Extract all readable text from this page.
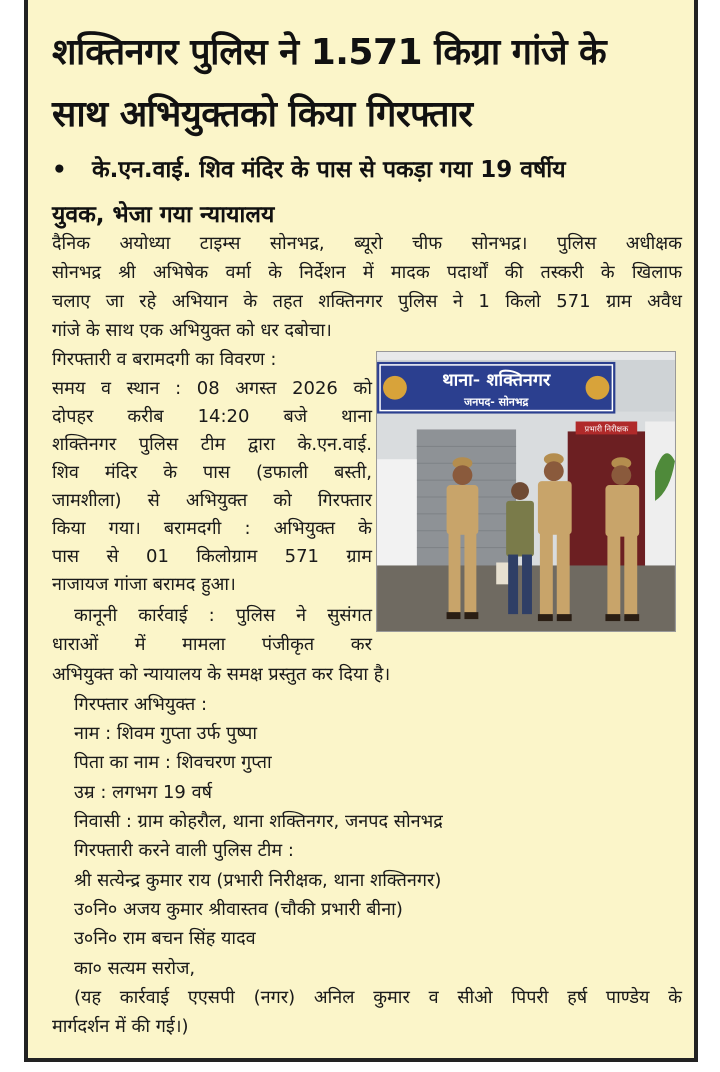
शक्तिनगर पुलिस ने 1.571 किग्रा गांजे के
साथ अभियुक्तको किया गिरफ्तार
• के.एन.वाई. शिव मंदिर के पास से पकड़ा गया 19 वर्षीय
युवक, भेजा गया न्यायालय
दैनिक अयोध्या टाइम्स सोनभद्र, ब्यूरो चीफ सोनभद्र। पुलिस अधीक्षक
सोनभद्र श्री अभिषेक वर्मा के निर्देशन में मादक पदार्थों की तस्करी के खिलाफ
चलाए जा रहे अभियान के तहत शक्तिनगर पुलिस ने 1 किलो 571 ग्राम अवैध
गांजे के साथ एक अभियुक्त को धर दबोचा।
गिरफ्तारी व बरामदगी का विवरण :
समय व स्थान : 08 अगस्त 2026 को
दोपहर करीब 14:20 बजे थाना
शक्तिनगर पुलिस टीम द्वारा के.एन.वाई.
शिव मंदिर के पास (डफाली बस्ती,
जामशीला) से अभियुक्त को गिरफ्तार
किया गया। बरामदगी : अभियुक्त के
पास से 01 किलोग्राम 571 ग्राम
नाजायज गांजा बरामद हुआ।
कानूनी कार्रवाई : पुलिस ने सुसंगत
धाराओं में मामला पंजीकृत कर
अभियुक्त को न्यायालय के समक्ष प्रस्तुत कर दिया है।
गिरफ्तार अभियुक्त :
नाम : शिवम गुप्ता उर्फ पुष्पा
पिता का नाम : शिवचरण गुप्ता
उम्र : लगभग 19 वर्ष
निवासी : ग्राम कोहरौल, थाना शक्तिनगर, जनपद सोनभद्र
गिरफ्तारी करने वाली पुलिस टीम :
श्री सत्येन्द्र कुमार राय (प्रभारी निरीक्षक, थाना शक्तिनगर)
उ०नि० अजय कुमार श्रीवास्तव (चौकी प्रभारी बीना)
उ०नि० राम बचन सिंह यादव
का० सत्यम सरोज,
(यह कार्रवाई एएसपी (नगर) अनिल कुमार व सीओ पिपरी हर्ष पाण्डेय के
मार्गदर्शन में की गई।)
प्रभारी निरीक्षक
थाना- शक्तिनगर
जनपद- सोनभद्र
